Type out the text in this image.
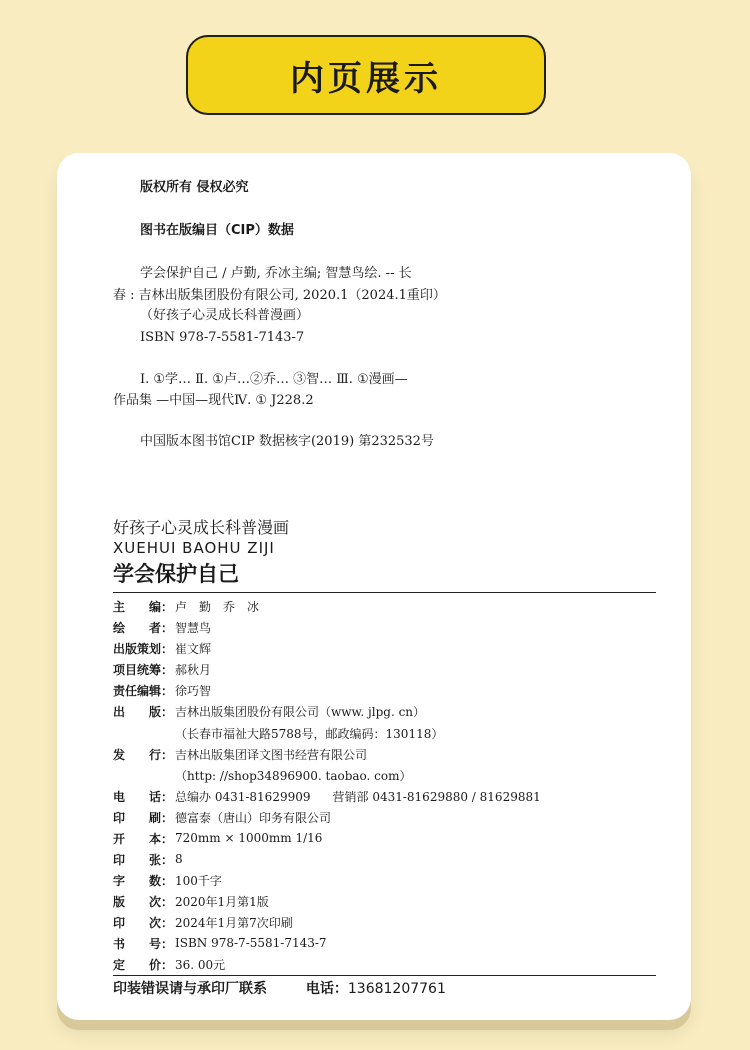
内页展示
版权所有 侵权必究
图书在版编目（CIP）数据
学会保护自己 / 卢勤, 乔冰主编; 智慧鸟绘. -- 长
春 : 吉林出版集团股份有限公司, 2020.1（2024.1重印）
（好孩子心灵成长科普漫画）
ISBN 978-7-5581-7143-7
Ⅰ. ①学… Ⅱ. ①卢…②乔… ③智… Ⅲ. ①漫画—
作品集 —中国—现代Ⅳ. ① J228.2
中国版本图书馆CIP 数据核字(2019) 第232532号
好孩子心灵成长科普漫画
XUEHUI BAOHU ZIJI
学会保护自己
主　　编： 卢　勤　乔　冰
绘　　者： 智慧鸟
出版策划： 崔文辉
项目统筹： 郝秋月
责任编辑： 徐巧智
出　　版： 吉林出版集团股份有限公司（www. jlpg. cn）
（长春市福祉大路5788号，邮政编码：130118）
发　　行： 吉林出版集团译文图书经营有限公司
（http: //shop34896900. taobao. com）
电　　话： 总编办 0431-81629909 营销部 0431-81629880 / 81629881
印　　刷： 德富泰（唐山）印务有限公司
开　　本： 720mm × 1000mm 1/16
印　　张： 8
字　　数： 100千字
版　　次： 2020年1月第1版
印　　次： 2024年1月第7次印刷
书　　号： ISBN 978-7-5581-7143-7
定　　价： 36. 00元
印装错误请与承印厂联系	电话：13681207761
